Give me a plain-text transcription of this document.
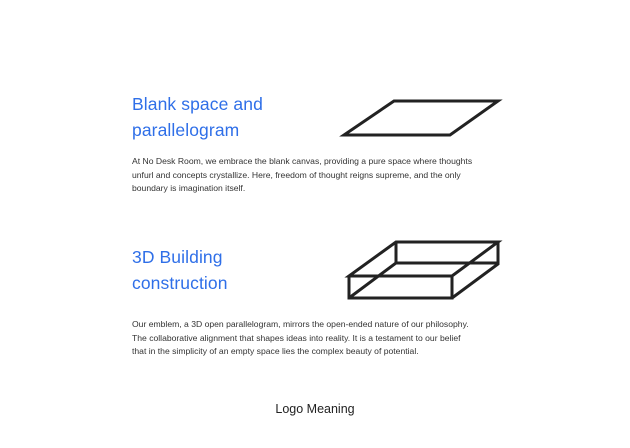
Blank space and
parallelogram

At No Desk Room, we embrace the blank canvas, providing a pure space where thoughts
unfurl and concepts crystallize. Here, freedom of thought reigns supreme, and the only
boundary is imagination itself.

3D Building
construction

Our emblem, a 3D open parallelogram, mirrors the open-ended nature of our philosophy.
The collaborative alignment that shapes ideas into reality. It is a testament to our belief
that in the simplicity of an empty space lies the complex beauty of potential.

Logo Meaning
